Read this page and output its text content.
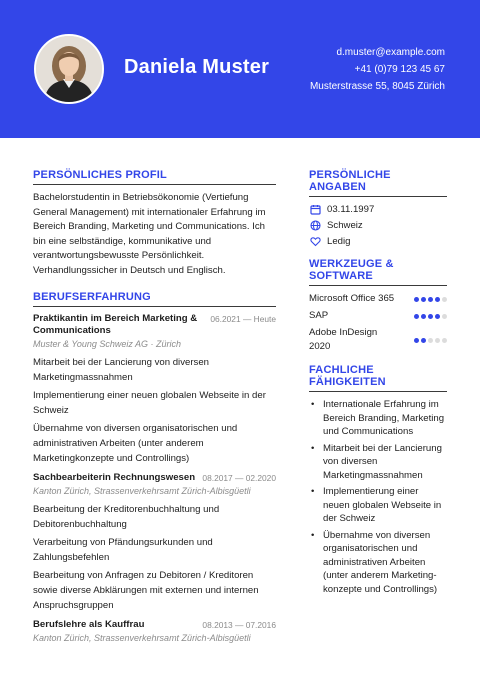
Daniela Muster
d.muster@example.com
+41 (0)79 123 45 67
Musterstrasse 55, 8045 Zürich
PERSÖNLICHES PROFIL
Bachelorstudentin in Betriebsökonomie (Vertiefung General Management) mit internationaler Erfahrung im Bereich Branding, Marketing und Communications. Ich bin eine selbständige, kommunikative und verantwortungsbewusste Persönlichkeit. Verhandlungssicher in Deutsch und Englisch.
BERUFSERFAHRUNG
Praktikantin im Bereich Marketing & Communications
06.2021 — Heute
Muster & Young Schweiz AG · Zürich
Mitarbeit bei der Lancierung von diversen Marketingmassnahmen
Implementierung einer neuen globalen Webseite in der Schweiz
Übernahme von diversen organisatorischen und administrativen Arbeiten (unter anderem Marketingkonzepte und Controllings)
Sachbearbeiterin Rechnungswesen 08.2017 — 02.2020
Kanton Zürich, Strassenverkehrsamt Zürich-Albisgüetli
Bearbeitung der Kreditorenbuchhaltung und Debitorenbuchhaltung
Verarbeitung von Pfändungsurkunden und Zahlungsbefehlen
Bearbeitung von Anfragen zu Debitoren / Kreditoren sowie diverse Abklärungen mit externen und internen Anspruchsgruppen
Berufslehre als Kauffrau	08.2013 — 07.2016
Kanton Zürich, Strassenverkehrsamt Zürich-Albisgüetli
PERSÖNLICHE ANGABEN
03.11.1997
Schweiz
Ledig
WERKZEUGE & SOFTWARE
Microsoft Office 365
SAP
Adobe InDesign 2020
FACHLICHE FÄHIGKEITEN
• Internationale Erfahrung im Bereich Branding, Marketing und Communications
• Mitarbeit bei der Lancierung von diversen Marketingmassnahmen
• Implementierung einer neuen globalen Webseite in der Schweiz
• Übernahme von diversen organisatorischen und administrativen Arbeiten (unter anderem Marketing-konzepte und Controllings)
